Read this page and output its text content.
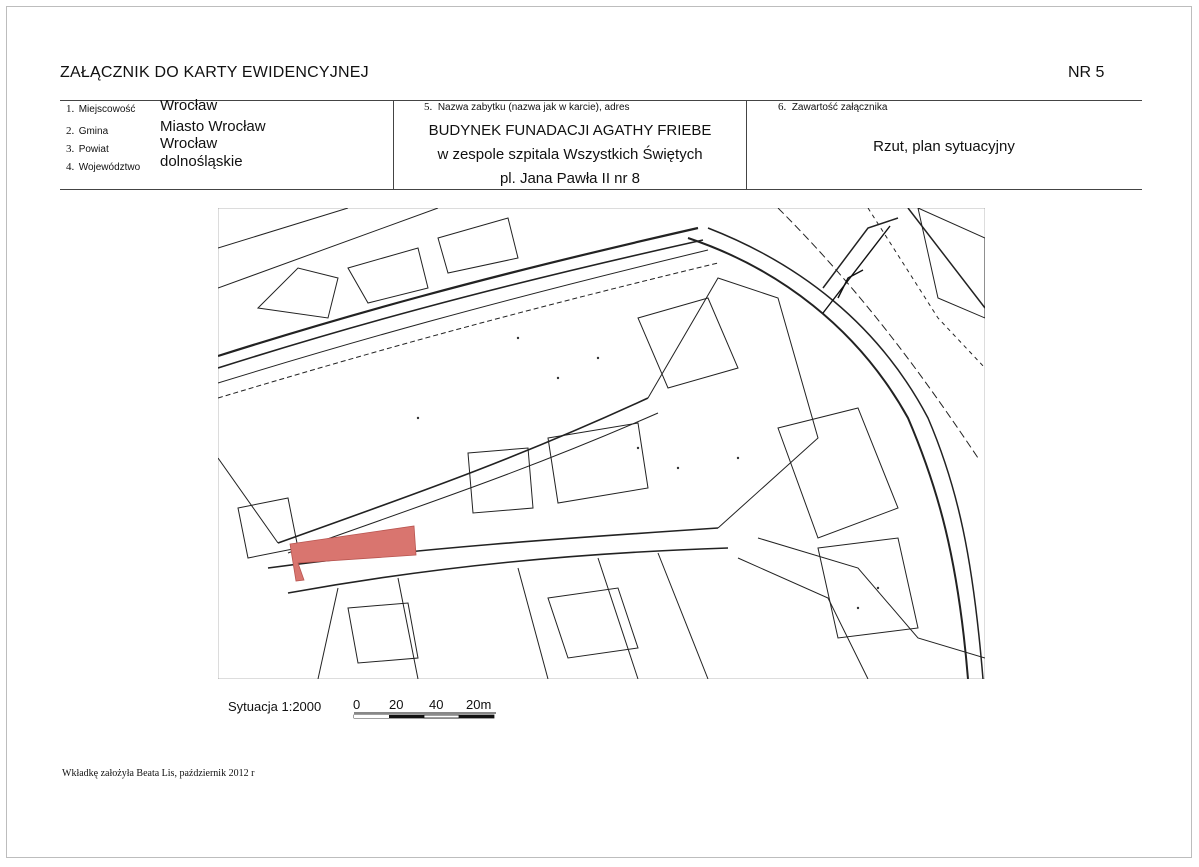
ZAŁĄCZNIK DO KARTY EWIDENCYJNEJ	NR 5
1. Miejscowość Wrocław
2. Gmina	Miasto Wrocław
3. Powiat	Wrocław
4. Województwo dolnośląskie
5. Nazwa zabytku (nazwa jak w karcie), adres
BUDYNEK FUNADACJI AGATHY FRIEBE
w zespole szpitala Wszystkich Świętych
pl. Jana Pawła II nr 8
6. Zawartość załącznika
Rzut, plan sytuacyjny
Sytuacja 1:2000 0 20 40 20m
Wkładkę założyła Beata Lis, październik 2012 r
